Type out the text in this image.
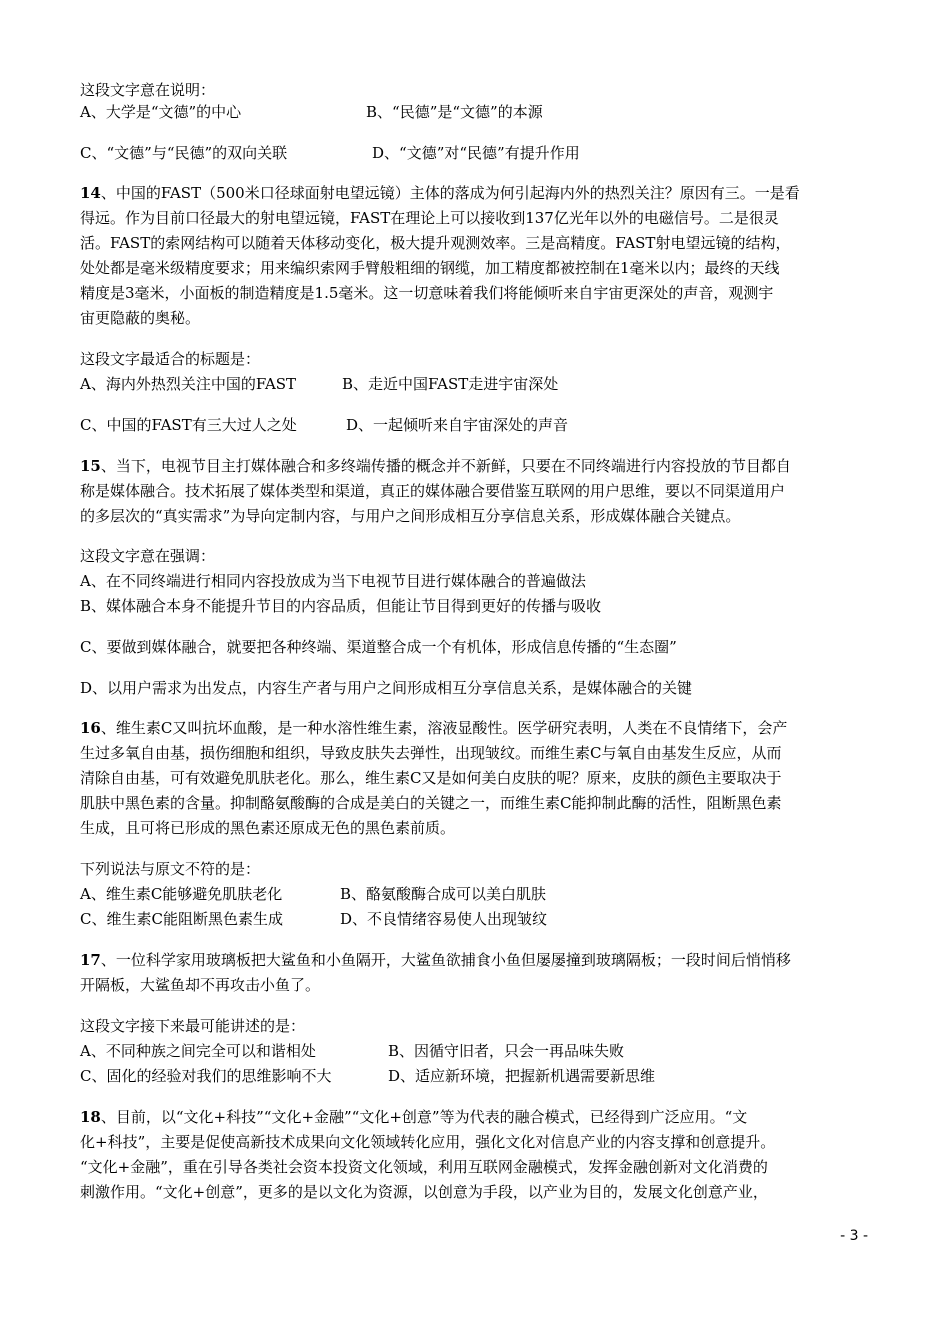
这段文字意在说明：
A、大学是“文德”的中心	B、“民德”是“文德”的本源
C、“文德”与“民德”的双向关联	D、“文德”对“民德”有提升作用
14、中国的FAST（500米口径球面射电望远镜）主体的落成为何引起海内外的热烈关注？原因有三。一是看
得远。作为目前口径最大的射电望远镜，FAST在理论上可以接收到137亿光年以外的电磁信号。二是很灵
活。FAST的索网结构可以随着天体移动变化，极大提升观测效率。三是高精度。FAST射电望远镜的结构，
处处都是毫米级精度要求；用来编织索网手臂般粗细的钢缆，加工精度都被控制在1毫米以内；最终的天线
精度是3毫米，小面板的制造精度是1.5毫米。这一切意味着我们将能倾听来自宇宙更深处的声音，观测宇
宙更隐蔽的奥秘。
这段文字最适合的标题是：
A、海内外热烈关注中国的FAST	B、走近中国FAST走进宇宙深处
C、中国的FAST有三大过人之处	D、一起倾听来自宇宙深处的声音
15、当下，电视节目主打媒体融合和多终端传播的概念并不新鲜，只要在不同终端进行内容投放的节目都自
称是媒体融合。技术拓展了媒体类型和渠道，真正的媒体融合要借鉴互联网的用户思维，要以不同渠道用户
的多层次的“真实需求”为导向定制内容，与用户之间形成相互分享信息关系，形成媒体融合关键点。
这段文字意在强调：
A、在不同终端进行相同内容投放成为当下电视节目进行媒体融合的普遍做法
B、媒体融合本身不能提升节目的内容品质，但能让节目得到更好的传播与吸收
C、要做到媒体融合，就要把各种终端、渠道整合成一个有机体，形成信息传播的“生态圈”
D、以用户需求为出发点，内容生产者与用户之间形成相互分享信息关系，是媒体融合的关键
16、维生素C又叫抗坏血酸，是一种水溶性维生素，溶液显酸性。医学研究表明，人类在不良情绪下，会产
生过多氧自由基，损伤细胞和组织，导致皮肤失去弹性，出现皱纹。而维生素C与氧自由基发生反应，从而
清除自由基，可有效避免肌肤老化。那么，维生素C又是如何美白皮肤的呢？原来，皮肤的颜色主要取决于
肌肤中黑色素的含量。抑制酪氨酸酶的合成是美白的关键之一，而维生素C能抑制此酶的活性，阻断黑色素
生成，且可将已形成的黑色素还原成无色的黑色素前质。
下列说法与原文不符的是：
A、维生素C能够避免肌肤老化	B、酪氨酸酶合成可以美白肌肤
C、维生素C能阻断黑色素生成	D、不良情绪容易使人出现皱纹
17、一位科学家用玻璃板把大鲨鱼和小鱼隔开，大鲨鱼欲捕食小鱼但屡屡撞到玻璃隔板；一段时间后悄悄移
开隔板，大鲨鱼却不再攻击小鱼了。
这段文字接下来最可能讲述的是：
A、不同种族之间完全可以和谐相处	B、因循守旧者，只会一再品味失败
C、固化的经验对我们的思维影响不大	D、适应新环境，把握新机遇需要新思维
18、目前，以“文化+科技”“文化+金融”“文化+创意”等为代表的融合模式，已经得到广泛应用。“文
化+科技”，主要是促使高新技术成果向文化领域转化应用，强化文化对信息产业的内容支撑和创意提升。
“文化+金融”，重在引导各类社会资本投资文化领域，利用互联网金融模式，发挥金融创新对文化消费的
刺激作用。“文化+创意”，更多的是以文化为资源，以创意为手段，以产业为目的，发展文化创意产业，
- 3 -
